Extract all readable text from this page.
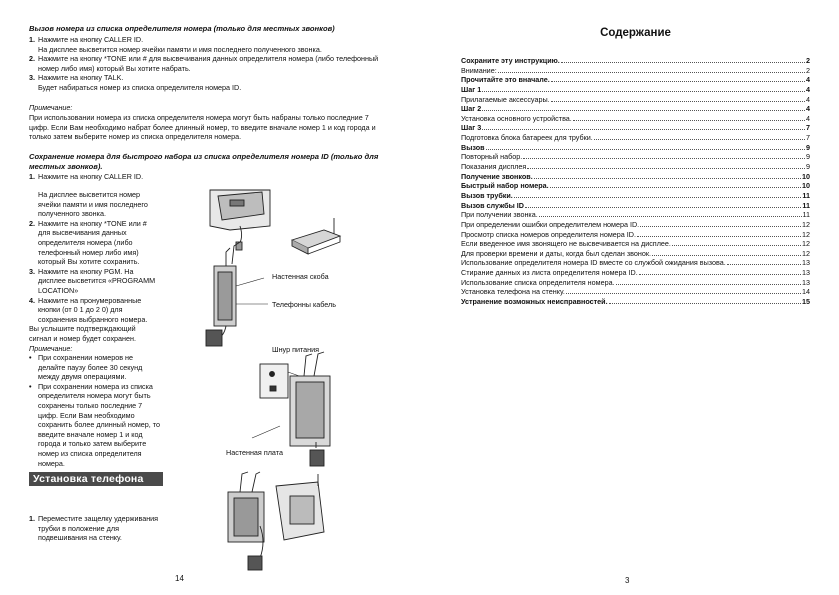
Вызов номера из списка определителя номера (только для местных звонков)
1. Нажмите на кнопку CALLER ID.
На дисплее высветится номер ячейки памяти и имя последнего полученного звонка.
2. Нажмите на кнопку *TONE или # для высвечивания данных определителя номера (либо телефонный номер либо имя) который Вы хотите набрать.
3. Нажмите на кнопку TALK.
Будет набираться номер из списка определителя номера ID.
Примечание:
При использовании номера из списка определителя номера могут быть набраны только последние 7 цифр. Если Вам необходимо набрат более длинный номер, то введите вначале номер 1 и код города и только затем выберите номер из списка определителя номера.
Сохранение номера для быстрого набора из списка определителя номера ID (только для местных звонков).
1. Нажмите на кнопку CALLER ID.
На дисплее высветится номер ячейки памяти и имя последнего полученного звонка.
2. Нажмите на кнопку *TONE или # для высвечивания данных определителя номера (либо телефонный номер либо имя) который Вы хотите сохранить.
3. Нажмите на кнопку PGM. На дисплее высветится «PROGRAMM LOCATION»
4. Нажмите на пронумерованные кнопки (от 0 1 до 2 0) для сохранения выбранного номера.
Вы услышите подтверждающий сигнал и номер будет сохранен.
Примечание:
• При сохранении номеров не делайте паузу более 30 секунд между двумя операциями.
• При сохранении номера из списка определителя номера могут быть сохранены только последние 7 цифр. Если Вам необходимо сохранить более длинный номер, то введите вначале номер 1 и код города и только затем выберите номер из списка определителя номера.
Установка телефона
1. Переместите защелку удерживания трубки в положение для подвешивания на стенку.
Настенная скоба
Телефонны кабель
Шнур питания
Настенная плата
14
Содержание
Сохраните эту инструкцию.	2
Внимание:	2
Прочитайте это вначале.	4
Шаг 1	4
Прилагаемые аксессуары.	4
Шаг 2	4
Установка основного устройства.	4
Шаг 3	7
Подготовка блока батареек для трубки.	7
Вызов	9
Повторный набор.	9
Показания дисплея	9
Получение звонков.	10
Быстрый набор номера.	10
Вызов трубки.	11
Вызов службы ID	11
При получении звонка.	11
При определении ошибки определителем номера ID.	12
Просмотр списка номеров определителя номера ID.	12
Если введенное имя звонящего не высвечивается на дисплее.	12
Для проверки времени и даты, когда был сделан звонок.	12
Использование определителя номера ID вместе со службой ожидания вызова.	13
Стирание данных из листа определителя номера ID.	13
Использование списка определителя номера.	13
Установка телефона на стенку.	14
Устранение возможных неисправностей.	15
3
